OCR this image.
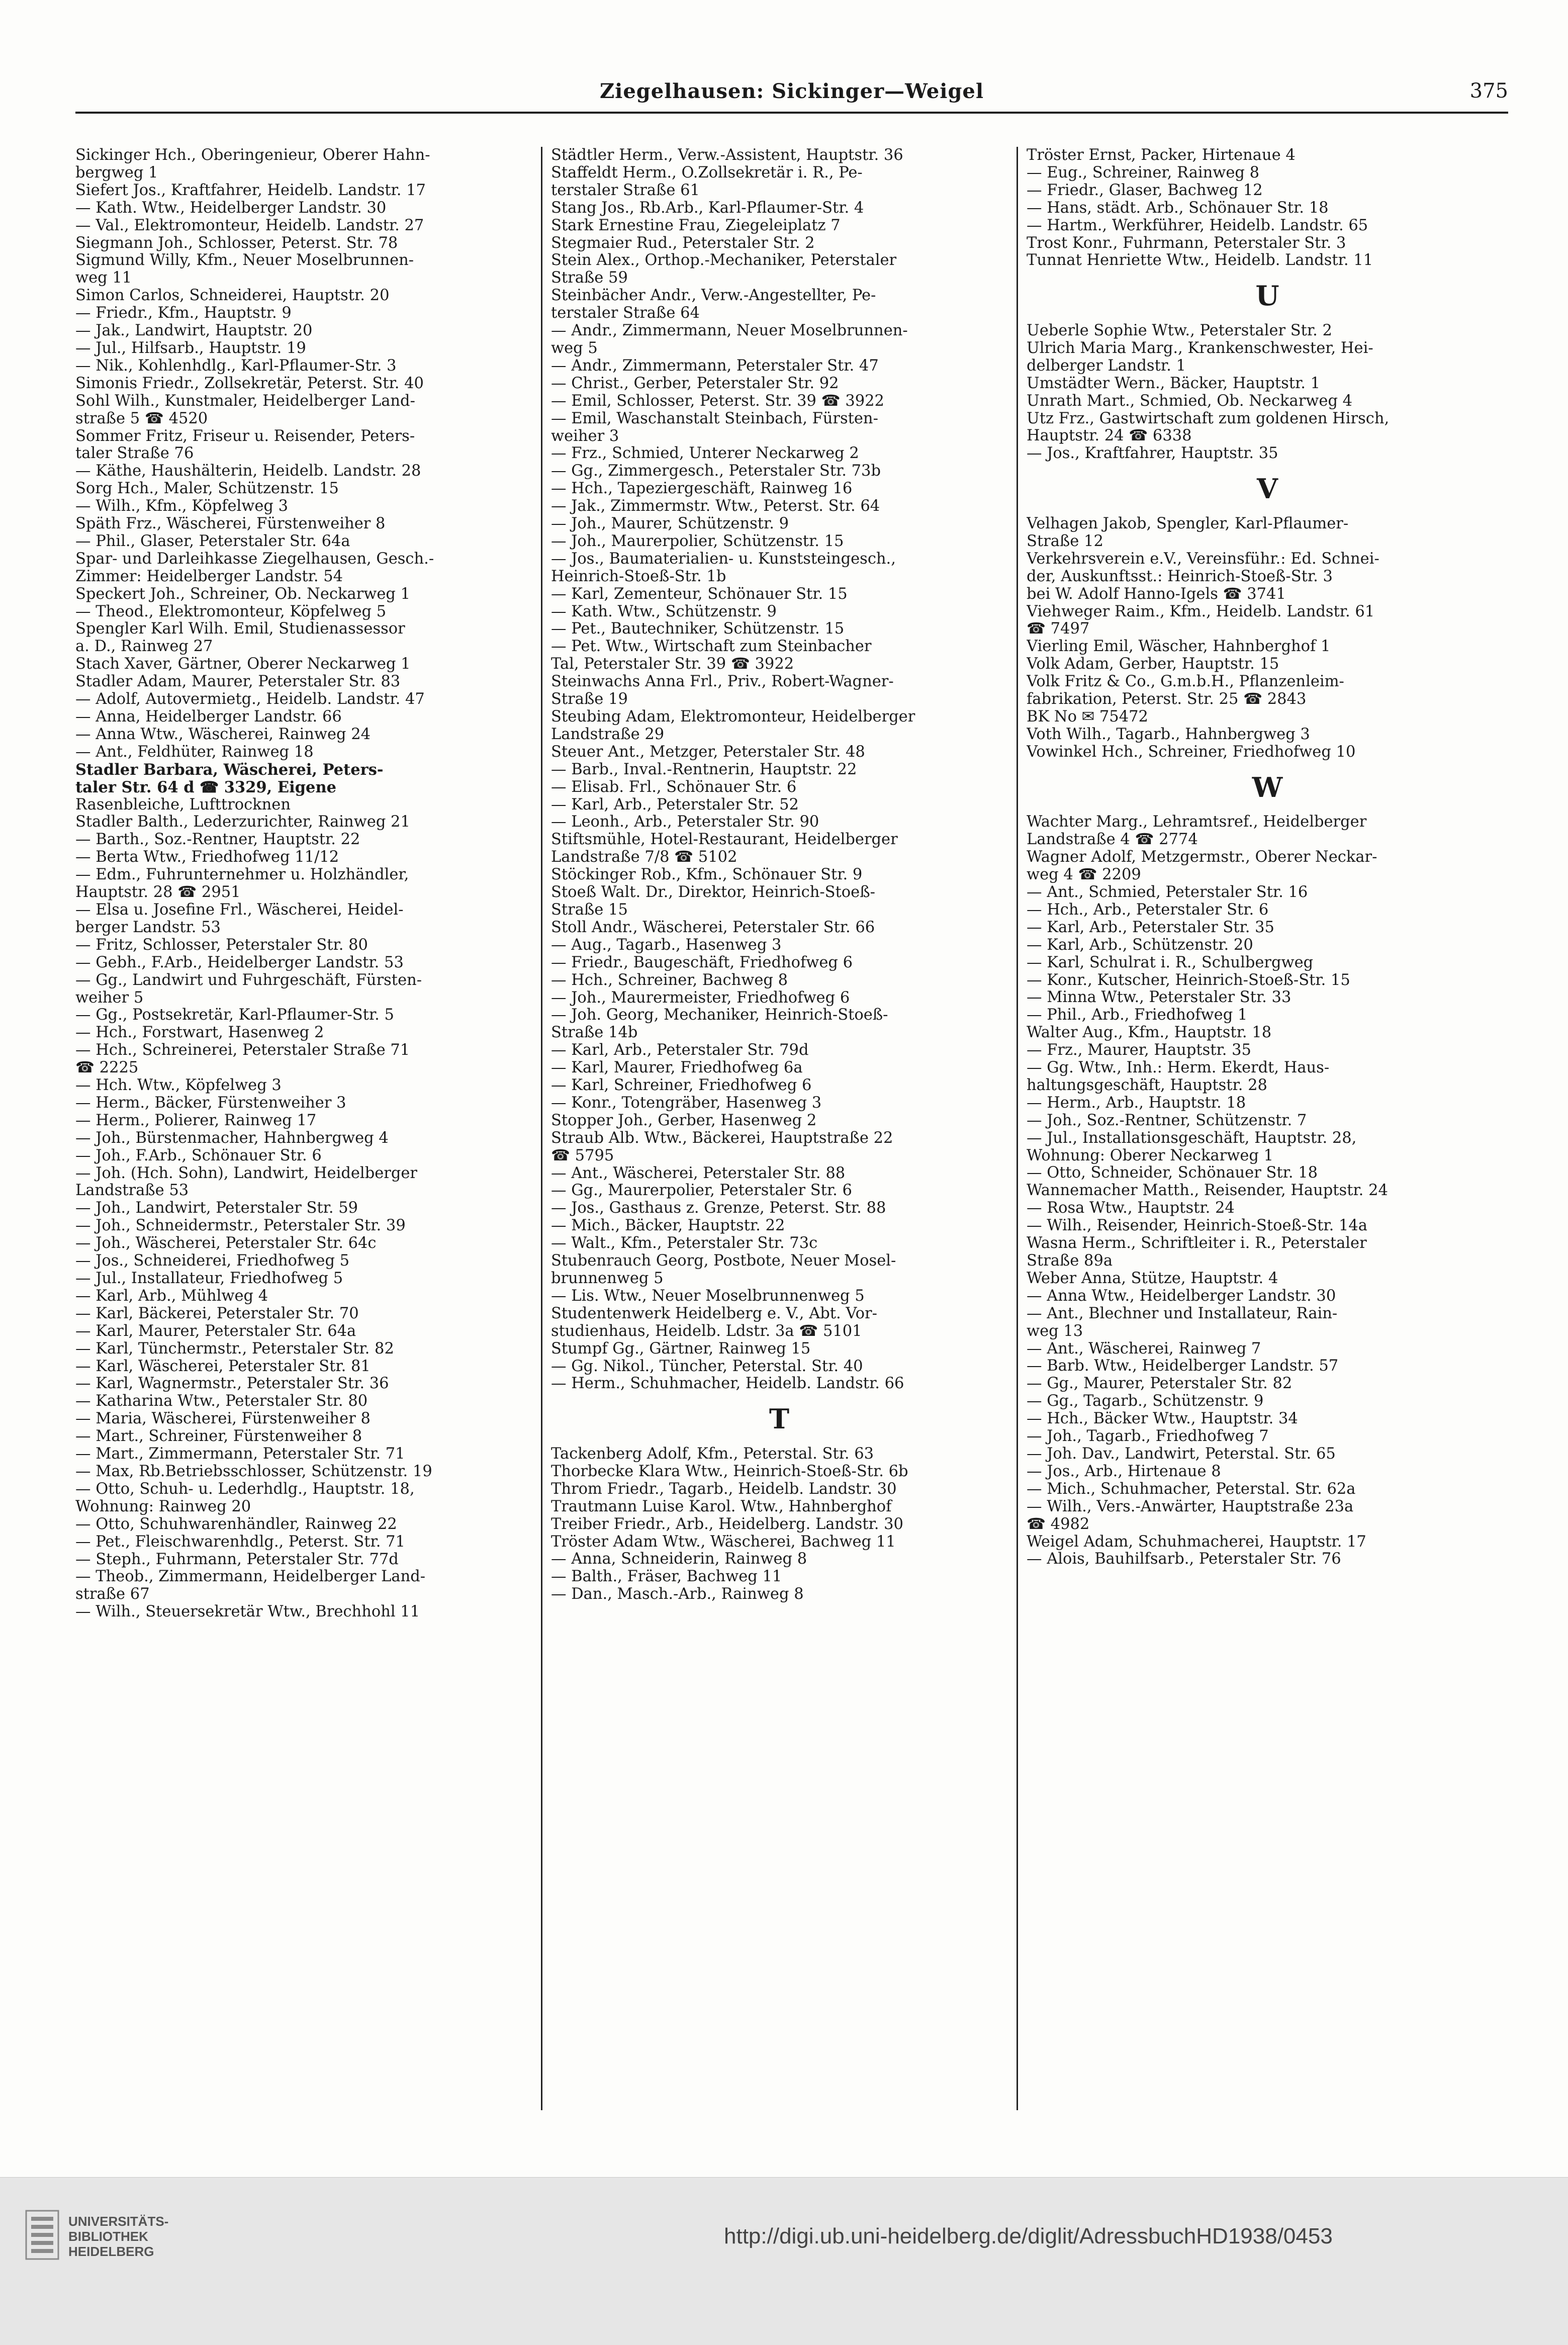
Ziegelhausen: Sickinger—Weigel	375
Sickinger Hch., Oberingenieur, Oberer Hahn-
bergweg 1
Siefert Jos., Kraftfahrer, Heidelb. Landstr. 17
— Kath. Wtw., Heidelberger Landstr. 30
— Val., Elektromonteur, Heidelb. Landstr. 27
Siegmann Joh., Schlosser, Peterst. Str. 78
Sigmund Willy, Kfm., Neuer Moselbrunnen-
weg 11
Simon Carlos, Schneiderei, Hauptstr. 20
— Friedr., Kfm., Hauptstr. 9
— Jak., Landwirt, Hauptstr. 20
— Jul., Hilfsarb., Hauptstr. 19
— Nik., Kohlenhdlg., Karl-Pflaumer-Str. 3
Simonis Friedr., Zollsekretär, Peterst. Str. 40
Sohl Wilh., Kunstmaler, Heidelberger Land-
straße 5 ☎ 4520
Sommer Fritz, Friseur u. Reisender, Peters-
taler Straße 76
— Käthe, Haushälterin, Heidelb. Landstr. 28
Sorg Hch., Maler, Schützenstr. 15
— Wilh., Kfm., Köpfelweg 3
Späth Frz., Wäscherei, Fürstenweiher 8
— Phil., Glaser, Peterstaler Str. 64a
Spar- und Darleihkasse Ziegelhausen, Gesch.-
Zimmer: Heidelberger Landstr. 54
Speckert Joh., Schreiner, Ob. Neckarweg 1
— Theod., Elektromonteur, Köpfelweg 5
Spengler Karl Wilh. Emil, Studienassessor
a. D., Rainweg 27
Stach Xaver, Gärtner, Oberer Neckarweg 1
Stadler Adam, Maurer, Peterstaler Str. 83
— Adolf, Autovermietg., Heidelb. Landstr. 47
— Anna, Heidelberger Landstr. 66
— Anna Wtw., Wäscherei, Rainweg 24
— Ant., Feldhüter, Rainweg 18
Stadler Barbara, Wäscherei, Peters-
taler Str. 64 d ☎ 3329, Eigene
Rasenbleiche, Lufttrocknen
Stadler Balth., Lederzurichter, Rainweg 21
— Barth., Soz.-Rentner, Hauptstr. 22
— Berta Wtw., Friedhofweg 11/12
— Edm., Fuhrunternehmer u. Holzhändler,
Hauptstr. 28 ☎ 2951
— Elsa u. Josefine Frl., Wäscherei, Heidel-
berger Landstr. 53
— Fritz, Schlosser, Peterstaler Str. 80
— Gebh., F.Arb., Heidelberger Landstr. 53
— Gg., Landwirt und Fuhrgeschäft, Fürsten-
weiher 5
— Gg., Postsekretär, Karl-Pflaumer-Str. 5
— Hch., Forstwart, Hasenweg 2
— Hch., Schreinerei, Peterstaler Straße 71
☎ 2225
— Hch. Wtw., Köpfelweg 3
— Herm., Bäcker, Fürstenweiher 3
— Herm., Polierer, Rainweg 17
— Joh., Bürstenmacher, Hahnbergweg 4
— Joh., F.Arb., Schönauer Str. 6
— Joh. (Hch. Sohn), Landwirt, Heidelberger
Landstraße 53
— Joh., Landwirt, Peterstaler Str. 59
— Joh., Schneidermstr., Peterstaler Str. 39
— Joh., Wäscherei, Peterstaler Str. 64c
— Jos., Schneiderei, Friedhofweg 5
— Jul., Installateur, Friedhofweg 5
— Karl, Arb., Mühlweg 4
— Karl, Bäckerei, Peterstaler Str. 70
— Karl, Maurer, Peterstaler Str. 64a
— Karl, Tünchermstr., Peterstaler Str. 82
— Karl, Wäscherei, Peterstaler Str. 81
— Karl, Wagnermstr., Peterstaler Str. 36
— Katharina Wtw., Peterstaler Str. 80
— Maria, Wäscherei, Fürstenweiher 8
— Mart., Schreiner, Fürstenweiher 8
— Mart., Zimmermann, Peterstaler Str. 71
— Max, Rb.Betriebsschlosser, Schützenstr. 19
— Otto, Schuh- u. Lederhdlg., Hauptstr. 18,
Wohnung: Rainweg 20
— Otto, Schuhwarenhändler, Rainweg 22
— Pet., Fleischwarenhdlg., Peterst. Str. 71
— Steph., Fuhrmann, Peterstaler Str. 77d
— Theob., Zimmermann, Heidelberger Land-
straße 67
— Wilh., Steuersekretär Wtw., Brechhohl 11
Städtler Herm., Verw.-Assistent, Hauptstr. 36
Staffeldt Herm., O.Zollsekretär i. R., Pe-
terstaler Straße 61
Stang Jos., Rb.Arb., Karl-Pflaumer-Str. 4
Stark Ernestine Frau, Ziegeleiplatz 7
Stegmaier Rud., Peterstaler Str. 2
Stein Alex., Orthop.-Mechaniker, Peterstaler
Straße 59
Steinbächer Andr., Verw.-Angestellter, Pe-
terstaler Straße 64
— Andr., Zimmermann, Neuer Moselbrunnen-
weg 5
— Andr., Zimmermann, Peterstaler Str. 47
— Christ., Gerber, Peterstaler Str. 92
— Emil, Schlosser, Peterst. Str. 39 ☎ 3922
— Emil, Waschanstalt Steinbach, Fürsten-
weiher 3
— Frz., Schmied, Unterer Neckarweg 2
— Gg., Zimmergesch., Peterstaler Str. 73b
— Hch., Tapeziergeschäft, Rainweg 16
— Jak., Zimmermstr. Wtw., Peterst. Str. 64
— Joh., Maurer, Schützenstr. 9
— Joh., Maurerpolier, Schützenstr. 15
— Jos., Baumaterialien- u. Kunststeingesch.,
Heinrich-Stoeß-Str. 1b
— Karl, Zementeur, Schönauer Str. 15
— Kath. Wtw., Schützenstr. 9
— Pet., Bautechniker, Schützenstr. 15
— Pet. Wtw., Wirtschaft zum Steinbacher
Tal, Peterstaler Str. 39 ☎ 3922
Steinwachs Anna Frl., Priv., Robert-Wagner-
Straße 19
Steubing Adam, Elektromonteur, Heidelberger
Landstraße 29
Steuer Ant., Metzger, Peterstaler Str. 48
— Barb., Inval.-Rentnerin, Hauptstr. 22
— Elisab. Frl., Schönauer Str. 6
— Karl, Arb., Peterstaler Str. 52
— Leonh., Arb., Peterstaler Str. 90
Stiftsmühle, Hotel-Restaurant, Heidelberger
Landstraße 7/8 ☎ 5102
Stöckinger Rob., Kfm., Schönauer Str. 9
Stoeß Walt. Dr., Direktor, Heinrich-Stoeß-
Straße 15
Stoll Andr., Wäscherei, Peterstaler Str. 66
— Aug., Tagarb., Hasenweg 3
— Friedr., Baugeschäft, Friedhofweg 6
— Hch., Schreiner, Bachweg 8
— Joh., Maurermeister, Friedhofweg 6
— Joh. Georg, Mechaniker, Heinrich-Stoeß-
Straße 14b
— Karl, Arb., Peterstaler Str. 79d
— Karl, Maurer, Friedhofweg 6a
— Karl, Schreiner, Friedhofweg 6
— Konr., Totengräber, Hasenweg 3
Stopper Joh., Gerber, Hasenweg 2
Straub Alb. Wtw., Bäckerei, Hauptstraße 22
☎ 5795
— Ant., Wäscherei, Peterstaler Str. 88
— Gg., Maurerpolier, Peterstaler Str. 6
— Jos., Gasthaus z. Grenze, Peterst. Str. 88
— Mich., Bäcker, Hauptstr. 22
— Walt., Kfm., Peterstaler Str. 73c
Stubenrauch Georg, Postbote, Neuer Mosel-
brunnenweg 5
— Lis. Wtw., Neuer Moselbrunnenweg 5
Studentenwerk Heidelberg e. V., Abt. Vor-
studienhaus, Heidelb. Ldstr. 3a ☎ 5101
Stumpf Gg., Gärtner, Rainweg 15
— Gg. Nikol., Tüncher, Peterstal. Str. 40
— Herm., Schuhmacher, Heidelb. Landstr. 66
T
Tackenberg Adolf, Kfm., Peterstal. Str. 63
Thorbecke Klara Wtw., Heinrich-Stoeß-Str. 6b
Throm Friedr., Tagarb., Heidelb. Landstr. 30
Trautmann Luise Karol. Wtw., Hahnberghof
Treiber Friedr., Arb., Heidelberg. Landstr. 30
Tröster Adam Wtw., Wäscherei, Bachweg 11
— Anna, Schneiderin, Rainweg 8
— Balth., Fräser, Bachweg 11
— Dan., Masch.-Arb., Rainweg 8
Tröster Ernst, Packer, Hirtenaue 4
— Eug., Schreiner, Rainweg 8
— Friedr., Glaser, Bachweg 12
— Hans, städt. Arb., Schönauer Str. 18
— Hartm., Werkführer, Heidelb. Landstr. 65
Trost Konr., Fuhrmann, Peterstaler Str. 3
Tunnat Henriette Wtw., Heidelb. Landstr. 11
U
Ueberle Sophie Wtw., Peterstaler Str. 2
Ulrich Maria Marg., Krankenschwester, Hei-
delberger Landstr. 1
Umstädter Wern., Bäcker, Hauptstr. 1
Unrath Mart., Schmied, Ob. Neckarweg 4
Utz Frz., Gastwirtschaft zum goldenen Hirsch,
Hauptstr. 24 ☎ 6338
— Jos., Kraftfahrer, Hauptstr. 35
V
Velhagen Jakob, Spengler, Karl-Pflaumer-
Straße 12
Verkehrsverein e.V., Vereinsführ.: Ed. Schnei-
der, Auskunftsst.: Heinrich-Stoeß-Str. 3
bei W. Adolf Hanno-Igels ☎ 3741
Viehweger Raim., Kfm., Heidelb. Landstr. 61
☎ 7497
Vierling Emil, Wäscher, Hahnberghof 1
Volk Adam, Gerber, Hauptstr. 15
Volk Fritz & Co., G.m.b.H., Pflanzenleim-
fabrikation, Peterst. Str. 25 ☎ 2843
BK No ✉ 75472
Voth Wilh., Tagarb., Hahnbergweg 3
Vowinkel Hch., Schreiner, Friedhofweg 10
W
Wachter Marg., Lehramtsref., Heidelberger
Landstraße 4 ☎ 2774
Wagner Adolf, Metzgermstr., Oberer Neckar-
weg 4 ☎ 2209
— Ant., Schmied, Peterstaler Str. 16
— Hch., Arb., Peterstaler Str. 6
— Karl, Arb., Peterstaler Str. 35
— Karl, Arb., Schützenstr. 20
— Karl, Schulrat i. R., Schulbergweg
— Konr., Kutscher, Heinrich-Stoeß-Str. 15
— Minna Wtw., Peterstaler Str. 33
— Phil., Arb., Friedhofweg 1
Walter Aug., Kfm., Hauptstr. 18
— Frz., Maurer, Hauptstr. 35
— Gg. Wtw., Inh.: Herm. Ekerdt, Haus-
haltungsgeschäft, Hauptstr. 28
— Herm., Arb., Hauptstr. 18
— Joh., Soz.-Rentner, Schützenstr. 7
— Jul., Installationsgeschäft, Hauptstr. 28,
Wohnung: Oberer Neckarweg 1
— Otto, Schneider, Schönauer Str. 18
Wannemacher Matth., Reisender, Hauptstr. 24
— Rosa Wtw., Hauptstr. 24
— Wilh., Reisender, Heinrich-Stoeß-Str. 14a
Wasna Herm., Schriftleiter i. R., Peterstaler
Straße 89a
Weber Anna, Stütze, Hauptstr. 4
— Anna Wtw., Heidelberger Landstr. 30
— Ant., Blechner und Installateur, Rain-
weg 13
— Ant., Wäscherei, Rainweg 7
— Barb. Wtw., Heidelberger Landstr. 57
— Gg., Maurer, Peterstaler Str. 82
— Gg., Tagarb., Schützenstr. 9
— Hch., Bäcker Wtw., Hauptstr. 34
— Joh., Tagarb., Friedhofweg 7
— Joh. Dav., Landwirt, Peterstal. Str. 65
— Jos., Arb., Hirtenaue 8
— Mich., Schuhmacher, Peterstal. Str. 62a
— Wilh., Vers.-Anwärter, Hauptstraße 23a
☎ 4982
Weigel Adam, Schuhmacherei, Hauptstr. 17
— Alois, Bauhilfsarb., Peterstaler Str. 76
UNIVERSITÄTS-
BIBLIOTHEK
HEIDELBERG
http://digi.ub.uni-heidelberg.de/diglit/AdressbuchHD1938/0453
